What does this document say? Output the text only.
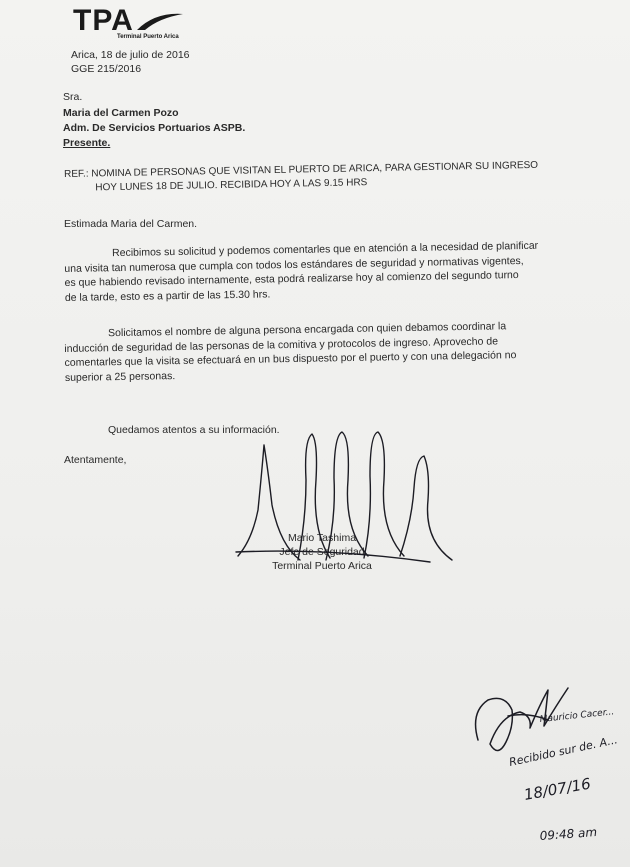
TPA
Terminal Puerto Arica
Arica, 18 de julio de 2016
GGE 215/2016
Sra.
Maria del Carmen Pozo
Adm. De Servicios Portuarios ASPB.
Presente.
REF.: NOMINA DE PERSONAS QUE VISITAN EL PUERTO DE ARICA, PARA GESTIONAR SU INGRESO
HOY LUNES 18 DE JULIO. RECIBIDA HOY A LAS 9.15 HRS
Estimada Maria del Carmen.
Recibimos su solicitud y podemos comentarles que en atención a la necesidad de planificar
una visita tan numerosa que cumpla con todos los estándares de seguridad y normativas vigentes,
es que habiendo revisado internamente, esta podrá realizarse hoy al comienzo del segundo turno
de la tarde, esto es a partir de las 15.30 hrs.
Solicitamos el nombre de alguna persona encargada con quien debamos coordinar la
inducción de seguridad de las personas de la comitiva y protocolos de ingreso. Aprovecho de
comentarles que la visita se efectuará en un bus dispuesto por el puerto y con una delegación no
superior a 25 personas.
Quedamos atentos a su información.
Atentamente,
Mario Tashima
Jefe de Seguridad
Terminal Puerto Arica
Mauricio Cacer...
Recibido sur de. A...
18/07/16
09:48 am
